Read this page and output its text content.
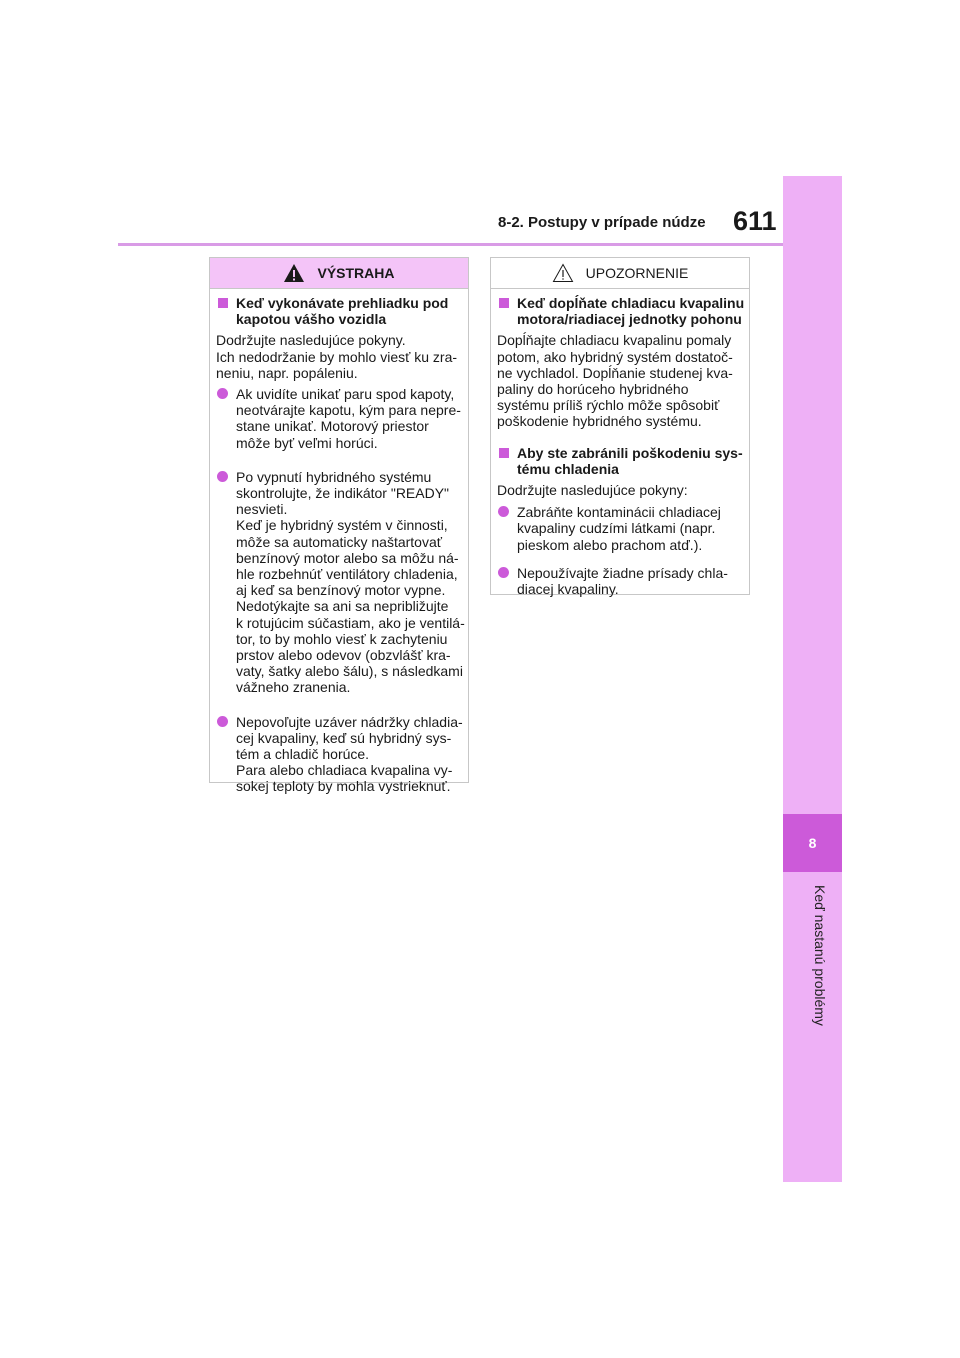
8-2. Postupy v prípade núdze 611
8
Keď nastanú problémy
VÝSTRAHA
Keď vykonávate prehliadku pod
kapotou vášho vozidla
Dodržujte nasledujúce pokyny.
Ich nedodržanie by mohlo viesť ku zra-
neniu, napr. popáleniu.
Ak uvidíte unikať paru spod kapoty,
neotvárajte kapotu, kým para nepre-
stane unikať. Motorový priestor
môže byť veľmi horúci.
Po vypnutí hybridného systému
skontrolujte, že indikátor "READY"
nesvieti.
Keď je hybridný systém v činnosti,
môže sa automaticky naštartovať
benzínový motor alebo sa môžu ná-
hle rozbehnúť ventilátory chladenia,
aj keď sa benzínový motor vypne.
Nedotýkajte sa ani sa nepribližujte
k rotujúcim súčastiam, ako je ventilá-
tor, to by mohlo viesť k zachyteniu
prstov alebo odevov (obzvlášť kra-
vaty, šatky alebo šálu), s následkami
vážneho zranenia.
Nepovoľujte uzáver nádržky chladia-
cej kvapaliny, keď sú hybridný sys-
tém a chladič horúce.
Para alebo chladiaca kvapalina vy-
sokej teploty by mohla vystrieknuť.
UPOZORNENIE
Keď dopĺňate chladiacu kvapalinu
motora/riadiacej jednotky pohonu
Dopĺňajte chladiacu kvapalinu pomaly
potom, ako hybridný systém dostatoč-
ne vychladol. Dopĺňanie studenej kva-
paliny do horúceho hybridného
systému príliš rýchlo môže spôsobiť
poškodenie hybridného systému.
Aby ste zabránili poškodeniu sys-
tému chladenia
Dodržujte nasledujúce pokyny:
Zabráňte kontaminácii chladiacej
kvapaliny cudzími látkami (napr.
pieskom alebo prachom atď.).
Nepoužívajte žiadne prísady chla-
diacej kvapaliny.
